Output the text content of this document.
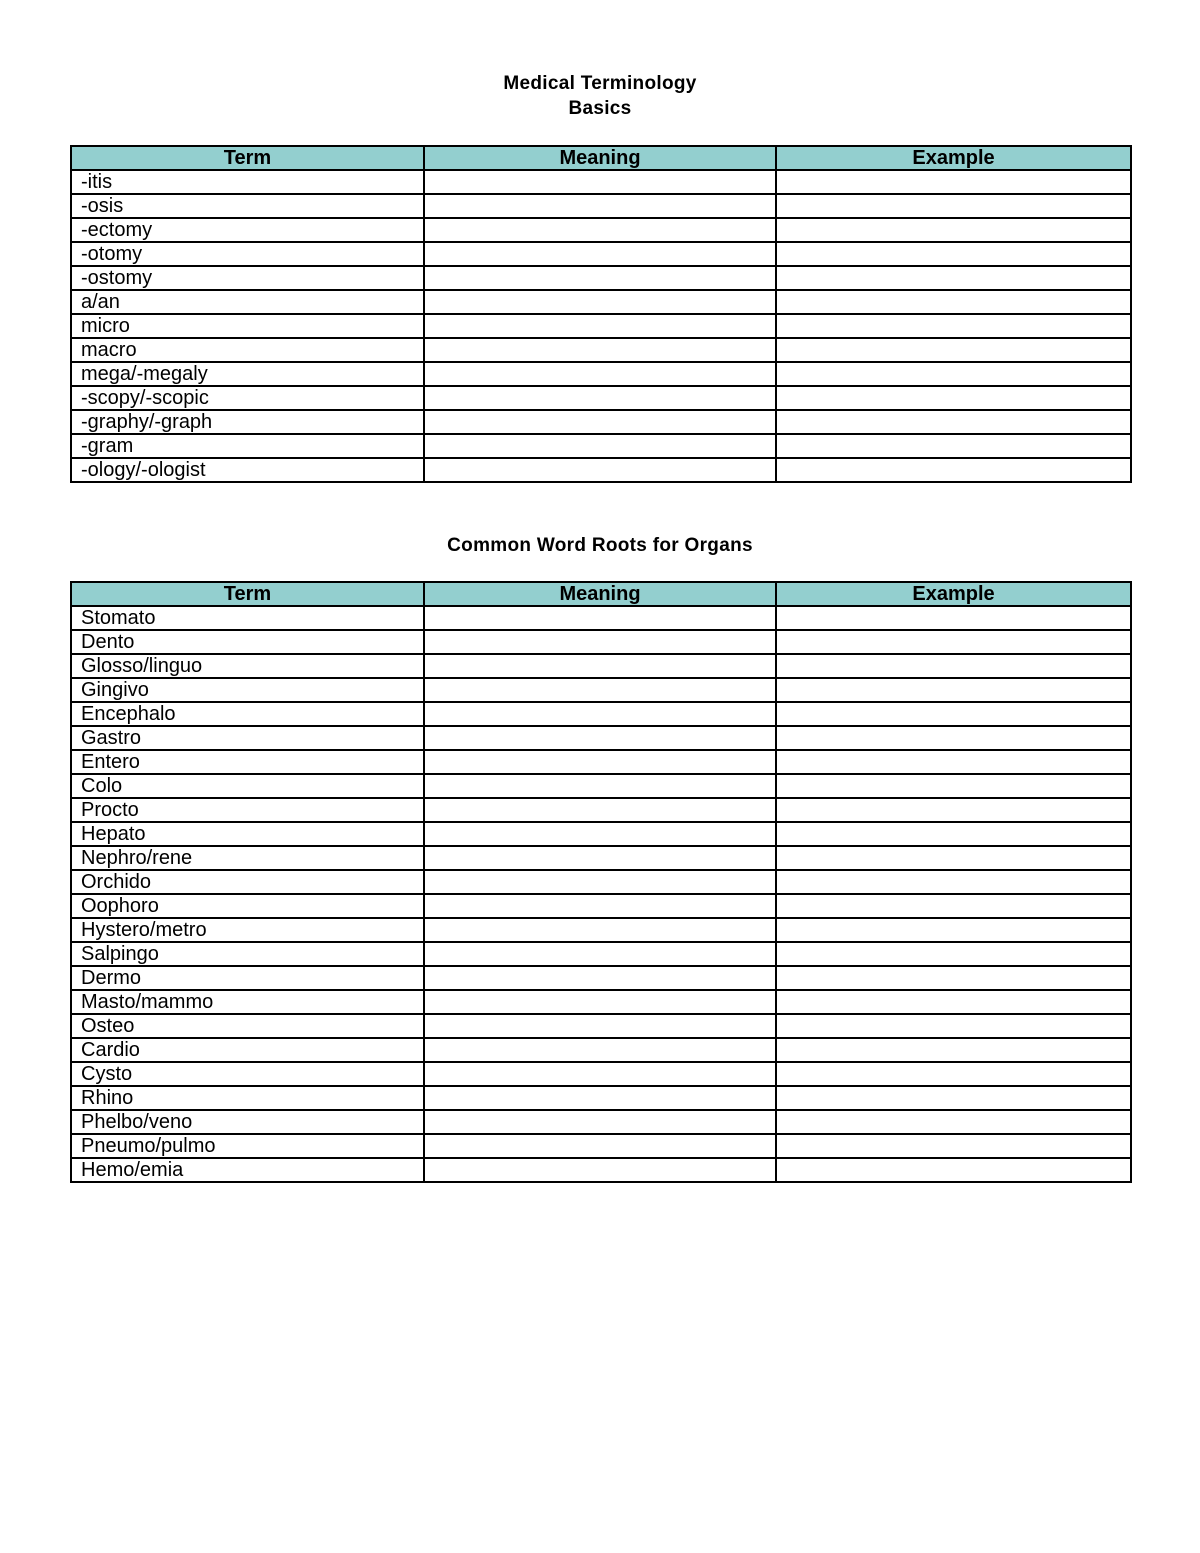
Medical Terminology
Basics
Term	Meaning	Example
-itis		
-osis		
-ectomy		
-otomy		
-ostomy		
a/an		
micro		
macro		
mega/-megaly		
-scopy/-scopic		
-graphy/-graph		
-gram		
-ology/-ologist		
Common Word Roots for Organs
Term	Meaning	Example
Stomato		
Dento		
Glosso/linguo		
Gingivo		
Encephalo		
Gastro		
Entero		
Colo		
Procto		
Hepato		
Nephro/rene		
Orchido		
Oophoro		
Hystero/metro		
Salpingo		
Dermo		
Masto/mammo		
Osteo		
Cardio		
Cysto		
Rhino		
Phelbo/veno		
Pneumo/pulmo		
Hemo/emia		
